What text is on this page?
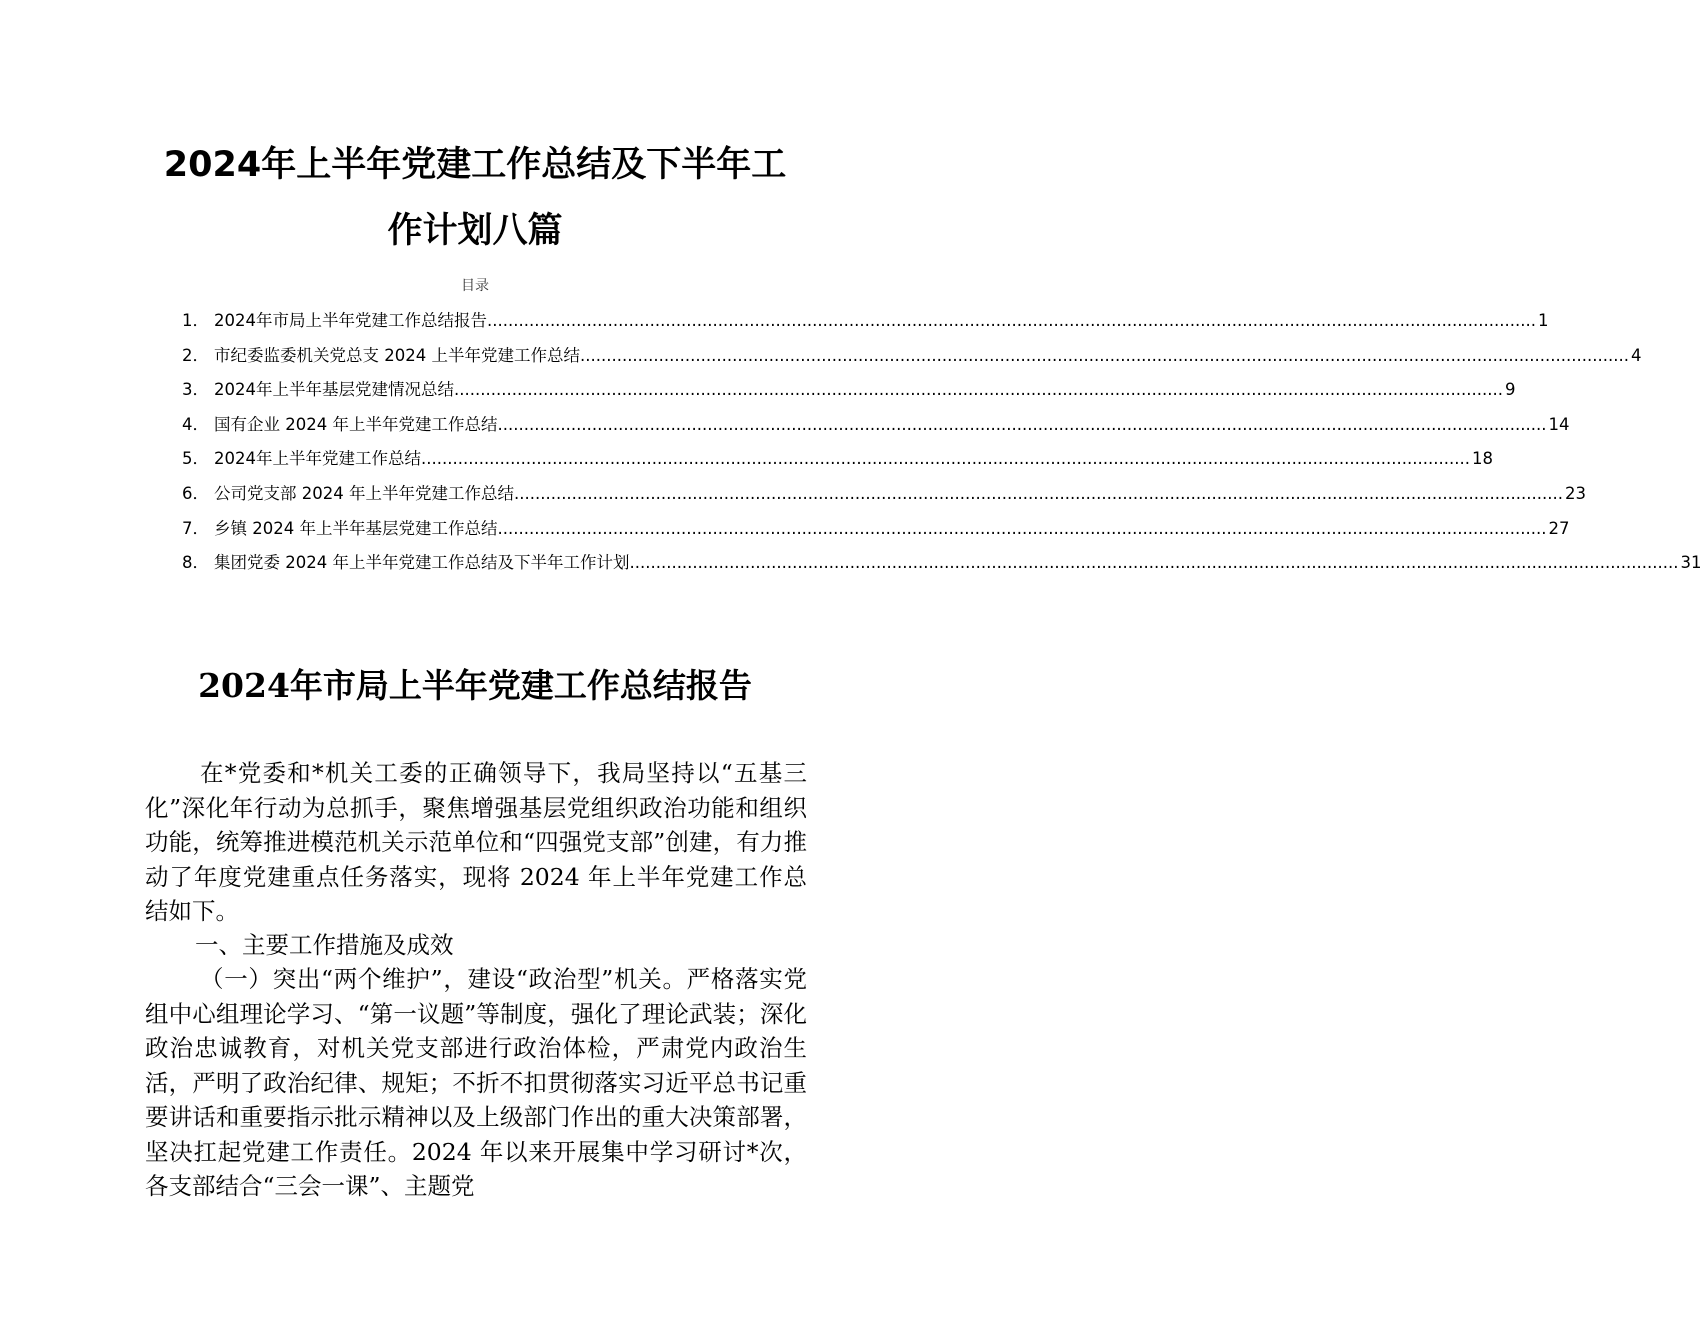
2024年上半年党建工作总结及下半年工
作计划八篇
目录
1． 2024年市局上半年党建工作总结报告 ........................................................................................................................................................................................................ 1
2． 市纪委监委机关党总支 2024 上半年党建工作总结 ........................................................................................................................................................................................................ 4
3． 2024年上半年基层党建情况总结 ........................................................................................................................................................................................................ 9
4． 国有企业 2024 年上半年党建工作总结 ........................................................................................................................................................................................................ 14
5． 2024年上半年党建工作总结 ........................................................................................................................................................................................................ 18
6． 公司党支部 2024 年上半年党建工作总结 ........................................................................................................................................................................................................ 23
7． 乡镇 2024 年上半年基层党建工作总结 ........................................................................................................................................................................................................ 27
8． 集团党委 2024 年上半年党建工作总结及下半年工作计划 ........................................................................................................................................................................................................ 31
2024年市局上半年党建工作总结报告

在*党委和*机关工委的正确领导下，我局坚持以“五基三化”深化年行动为总抓手，聚焦增强基层党组织政治功能和组织功能，统筹推进模范机关示范单位和“四强党支部”创建，有力推动了年度党建重点任务落实，现将 2024 年上半年党建工作总结如下。

一、主要工作措施及成效

（一）突出“两个维护”，建设“政治型”机关。严格落实党组中心组理论学习、“第一议题”等制度，强化了理论武装；深化政治忠诚教育，对机关党支部进行政治体检，严肃党内政治生活，严明了政治纪律、规矩；不折不扣贯彻落实习近平总书记重要讲话和重要指示批示精神以及上级部门作出的重大决策部署，坚决扛起党建工作责任。2024 年以来开展集中学习研讨*次，各支部结合“三会一课”、主题党
